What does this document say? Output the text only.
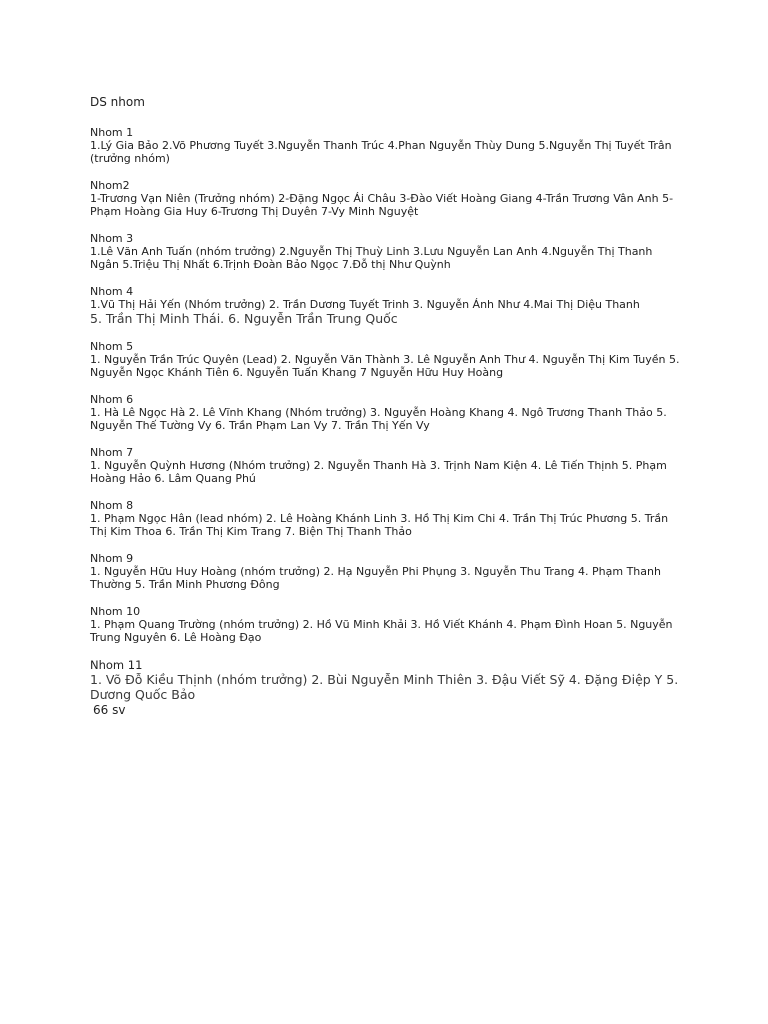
DS nhom
Nhom 1
1.Lý Gia Bảo 2.Võ Phương Tuyết 3.Nguyễn Thanh Trúc 4.Phan Nguyễn Thùy Dung 5.Nguyễn Thị Tuyết Trân (trưởng nhóm)
Nhom2
1-Trương Vạn Niên (Trưởng nhóm) 2-Đặng Ngọc Ái Châu 3-Đào Viết Hoàng Giang 4-Trần Trương Vân Anh 5-Phạm Hoàng Gia Huy 6-Trương Thị Duyên 7-Vy Minh Nguyệt
Nhom 3
1.Lê Văn Anh Tuấn (nhóm trưởng) 2.Nguyễn Thị Thuỳ Linh 3.Lưu Nguyễn Lan Anh 4.Nguyễn Thị Thanh Ngân 5.Triệu Thị Nhất 6.Trịnh Đoàn Bảo Ngọc 7.Đỗ thị Như Quỳnh
Nhom 4
1.Vũ Thị Hải Yến (Nhóm trưởng) 2. Trần Dương Tuyết Trinh 3. Nguyễn Ánh Như 4.Mai Thị Diệu Thanh
5. Trần Thị Minh Thái. 6. Nguyễn Trần Trung Quốc
Nhom 5
1. Nguyễn Trần Trúc Quyên (Lead) 2. Nguyễn Văn Thành 3. Lê Nguyễn Anh Thư 4. Nguyễn Thị Kim Tuyền 5. Nguyễn Ngọc Khánh Tiên 6. Nguyễn Tuấn Khang 7 Nguyễn Hữu Huy Hoàng
Nhom 6
1. Hà Lê Ngọc Hà 2. Lê Vĩnh Khang (Nhóm trưởng) 3. Nguyễn Hoàng Khang 4. Ngô Trương Thanh Thảo 5. Nguyễn Thế Tường Vy 6. Trần Phạm Lan Vy 7. Trần Thị Yến Vy
Nhom 7
1. Nguyễn Quỳnh Hương (Nhóm trưởng) 2. Nguyễn Thanh Hà 3. Trịnh Nam Kiện 4. Lê Tiến Thịnh 5. Phạm Hoàng Hảo 6. Lâm Quang Phú
Nhom 8
1. Phạm Ngọc Hân (lead nhóm) 2. Lê Hoàng Khánh Linh 3. Hồ Thị Kim Chi 4. Trần Thị Trúc Phương 5. Trần Thị Kim Thoa 6. Trần Thị Kim Trang 7. Biện Thị Thanh Thảo
Nhom 9
1. Nguyễn Hữu Huy Hoàng (nhóm trưởng) 2. Hạ Nguyễn Phi Phụng 3. Nguyễn Thu Trang 4. Phạm Thanh Thường 5. Trần Minh Phương Đông
Nhom 10
1. Phạm Quang Trường (nhóm trưởng) 2. Hồ Vũ Minh Khải 3. Hồ Viết Khánh 4. Phạm Đình Hoan 5. Nguyễn Trung Nguyên 6. Lê Hoàng Đạo
Nhom 11
1. Võ Đỗ Kiều Thịnh (nhóm trưởng) 2. Bùi Nguyễn Minh Thiên 3. Đậu Viết Sỹ 4. Đặng Điệp Y 5. Dương Quốc Bảo
66 sv
